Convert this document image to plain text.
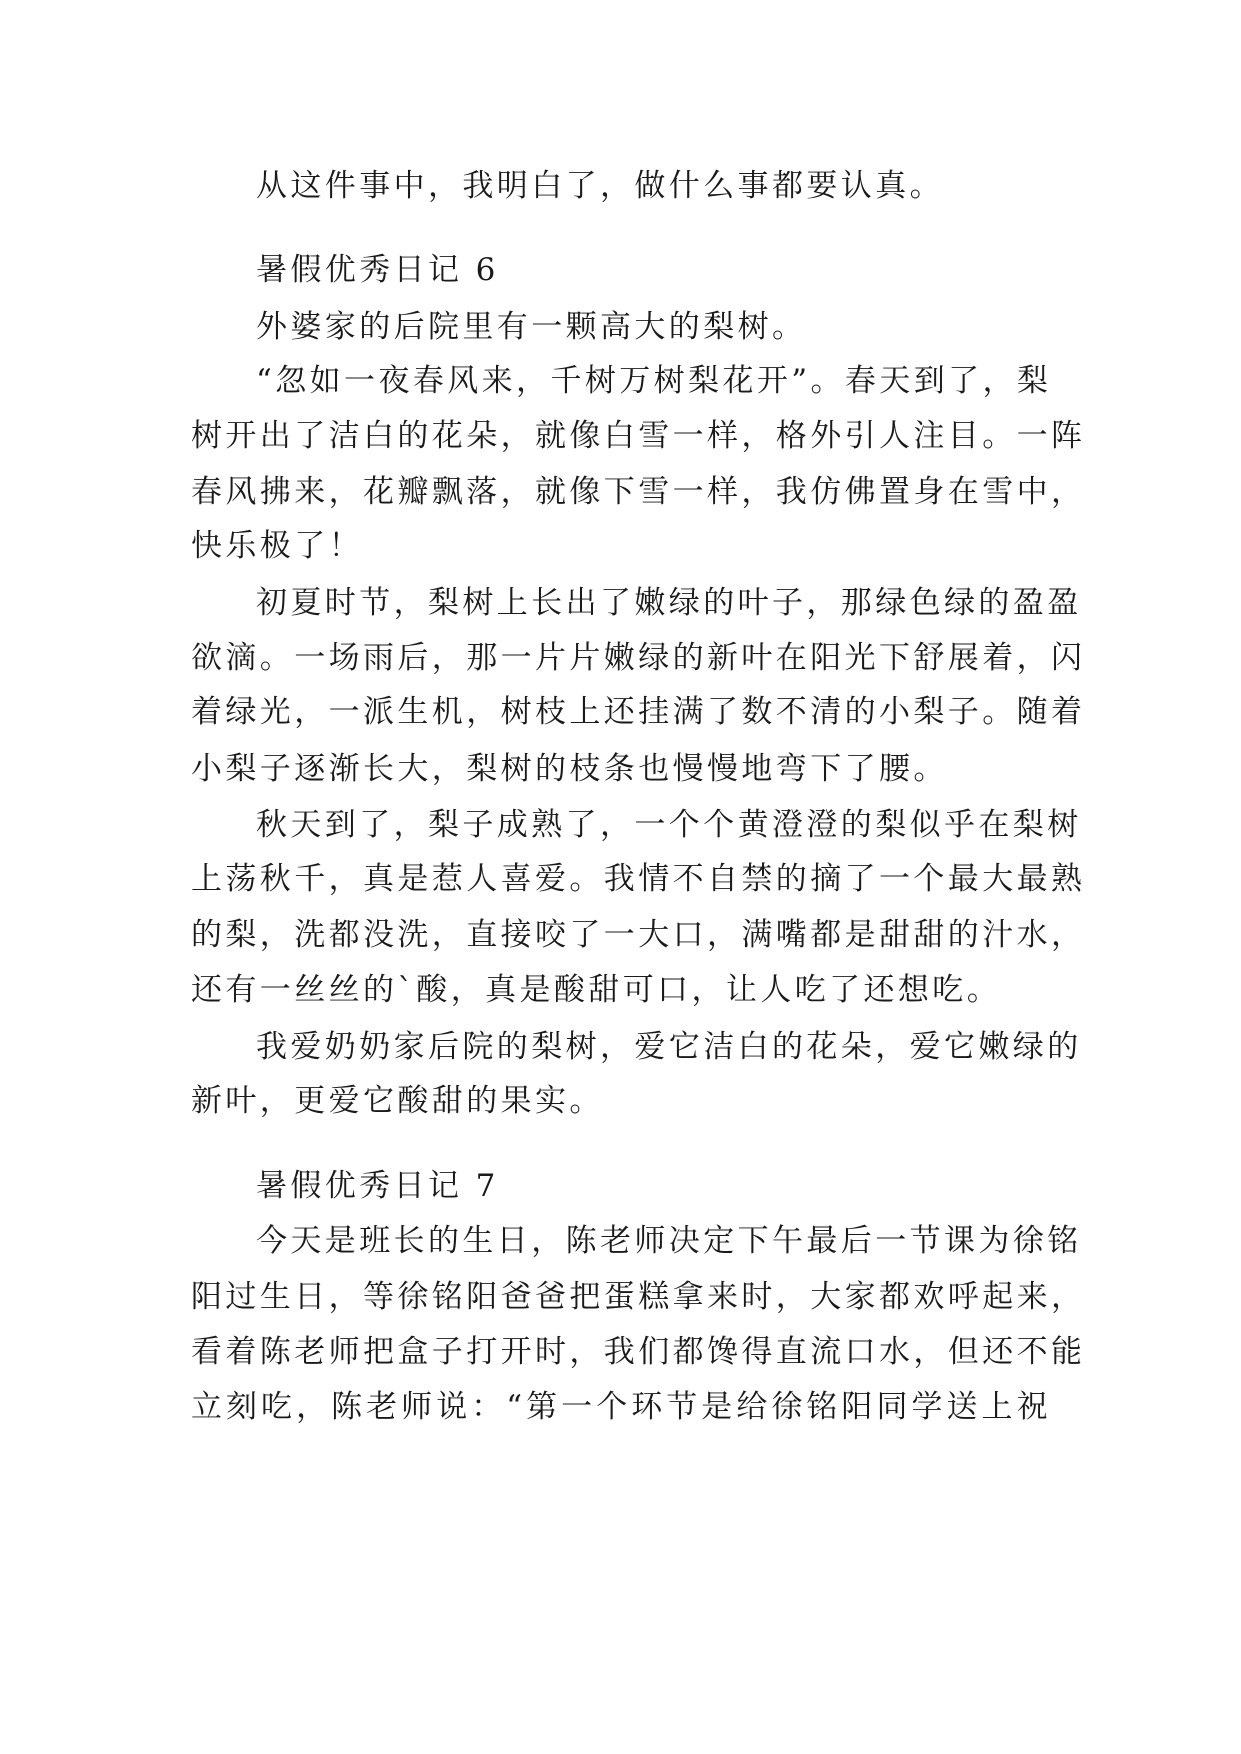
从这件事中，我明白了，做什么事都要认真。
暑假优秀日记 6
外婆家的后院里有一颗高大的梨树。
“忽如一夜春风来，千树万树梨花开”。春天到了，梨
树开出了洁白的花朵，就像白雪一样，格外引人注目。一阵
春风拂来，花瓣飘落，就像下雪一样，我仿佛置身在雪中，
快乐极了！
初夏时节，梨树上长出了嫩绿的叶子，那绿色绿的盈盈
欲滴。一场雨后，那一片片嫩绿的新叶在阳光下舒展着，闪
着绿光，一派生机，树枝上还挂满了数不清的小梨子。随着
小梨子逐渐长大，梨树的枝条也慢慢地弯下了腰。
秋天到了，梨子成熟了，一个个黄澄澄的梨似乎在梨树
上荡秋千，真是惹人喜爱。我情不自禁的摘了一个最大最熟
的梨，洗都没洗，直接咬了一大口，满嘴都是甜甜的汁水，
还有一丝丝的`酸，真是酸甜可口，让人吃了还想吃。
我爱奶奶家后院的梨树，爱它洁白的花朵，爱它嫩绿的
新叶，更爱它酸甜的果实。
暑假优秀日记 7
今天是班长的生日，陈老师决定下午最后一节课为徐铭
阳过生日，等徐铭阳爸爸把蛋糕拿来时，大家都欢呼起来，
看着陈老师把盒子打开时，我们都馋得直流口水，但还不能
立刻吃，陈老师说：“第一个环节是给徐铭阳同学送上祝
